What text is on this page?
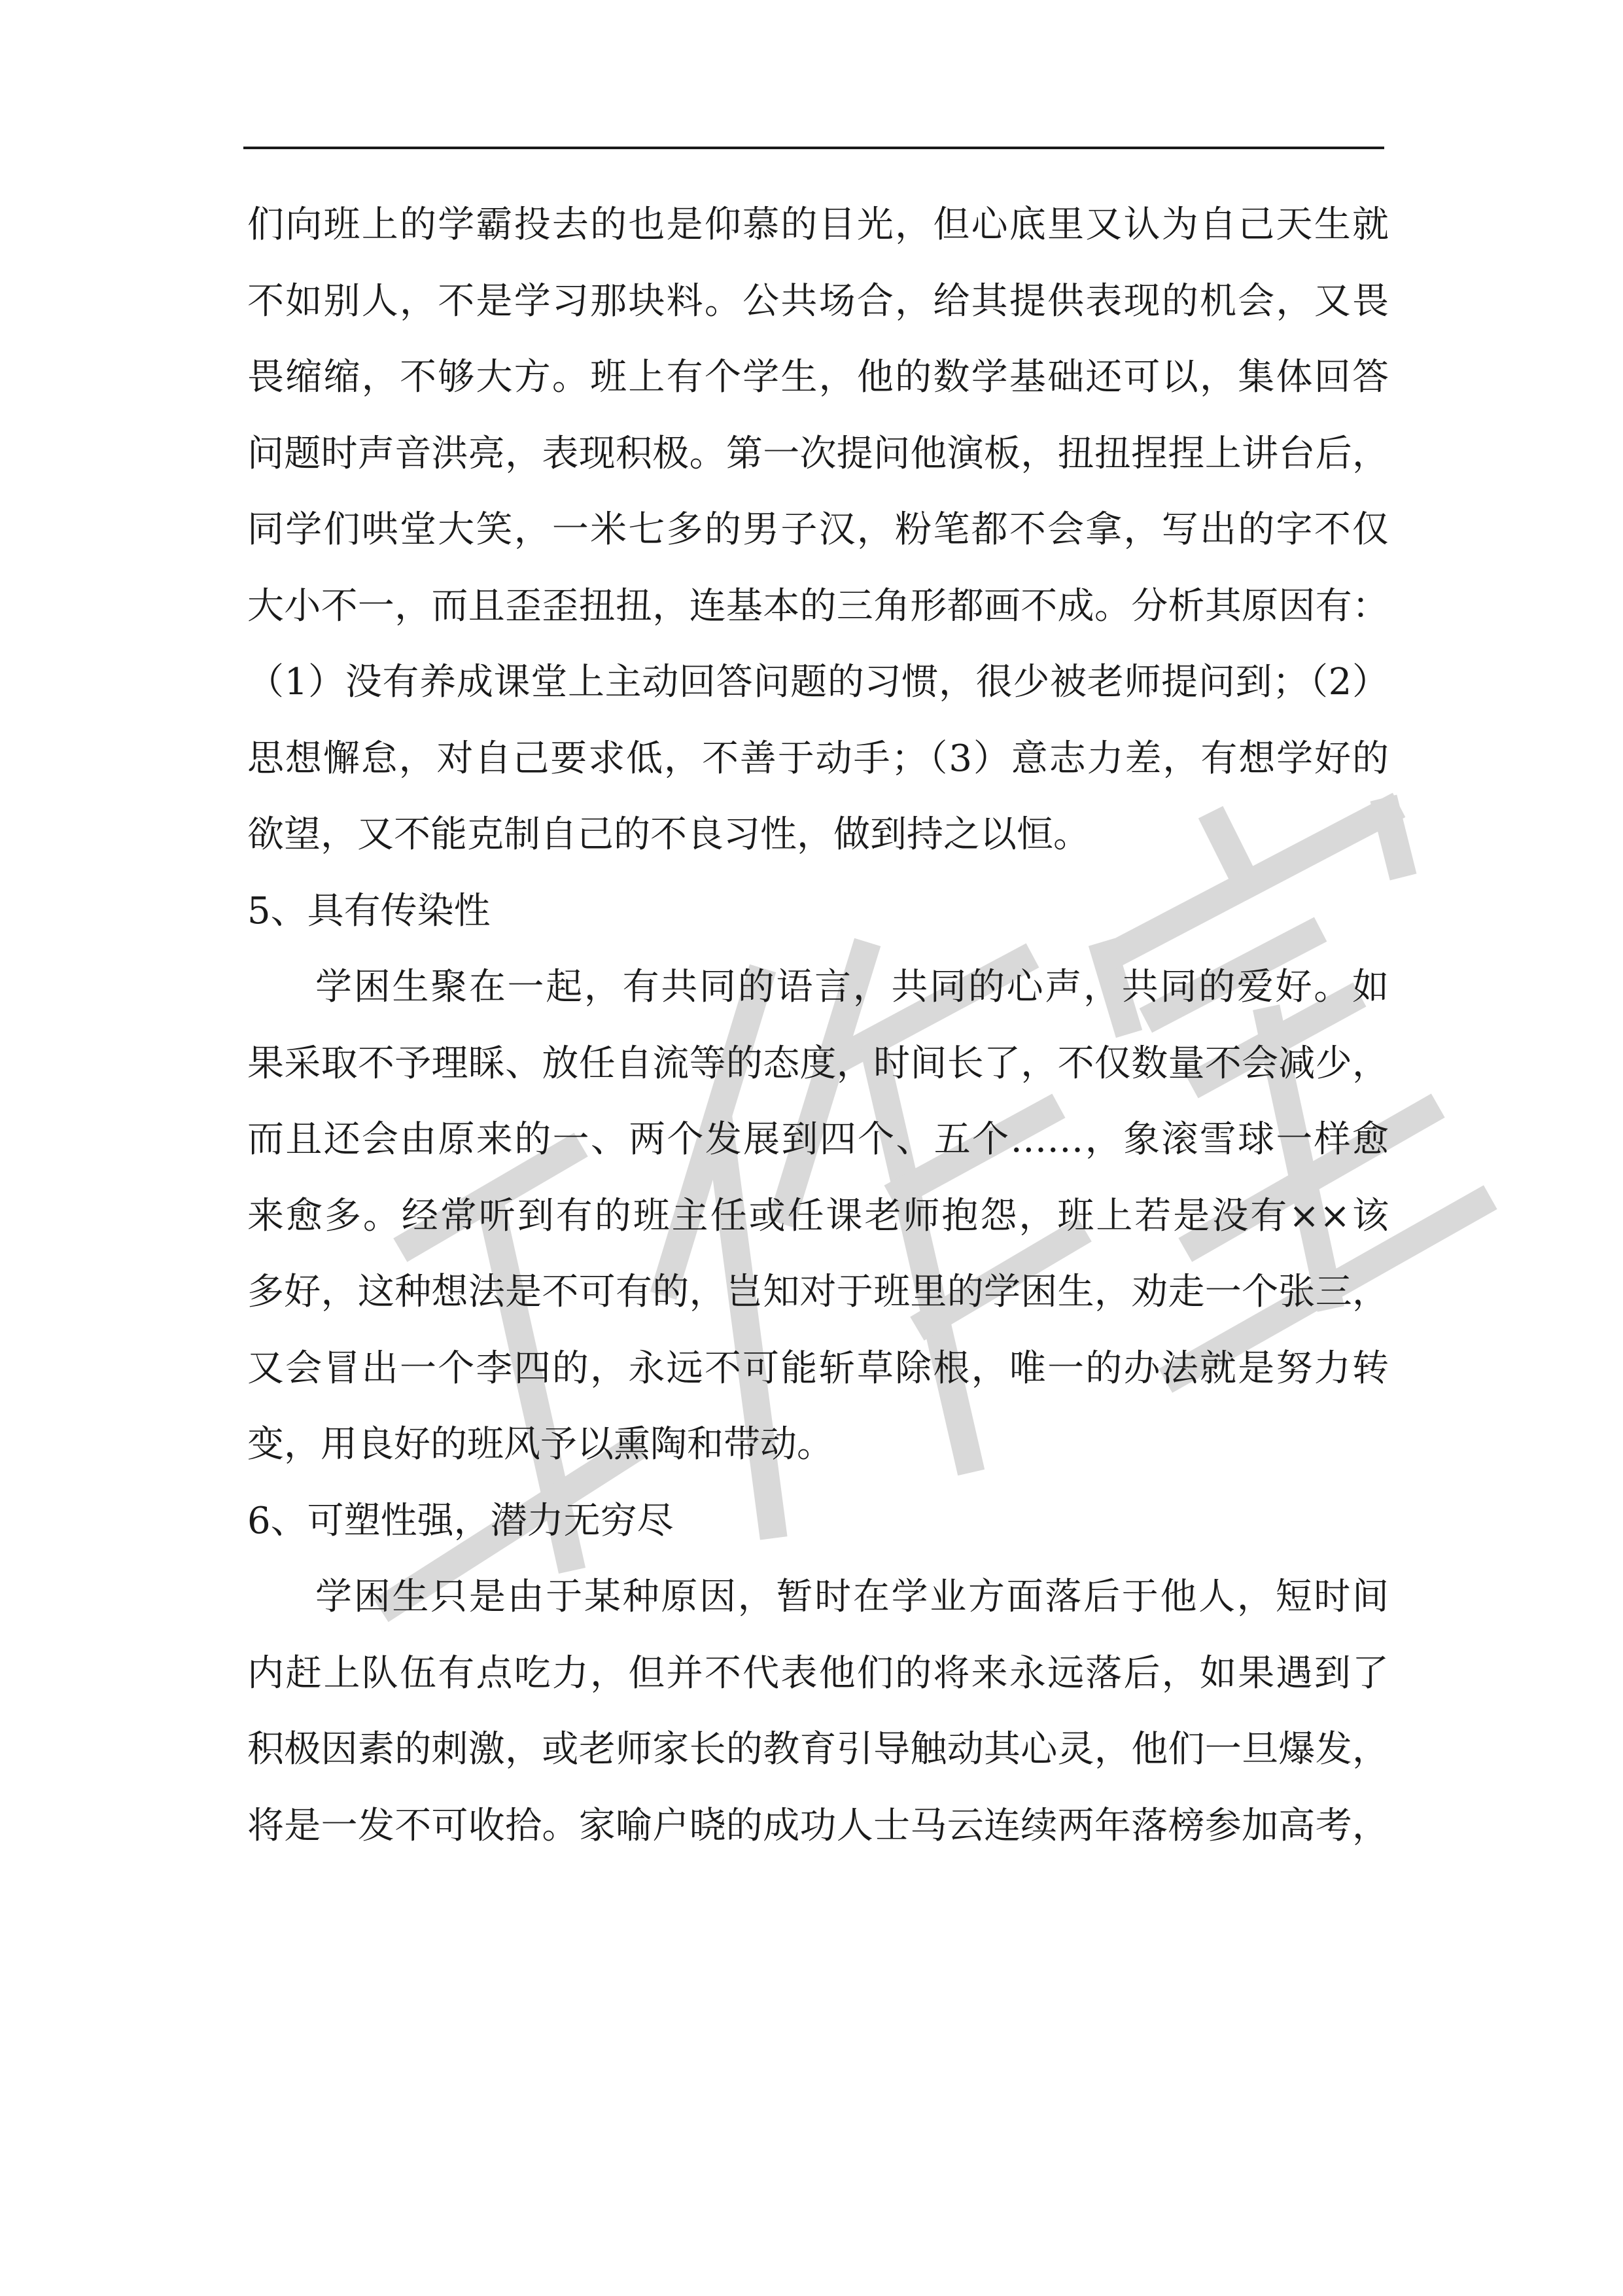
们向班上的学霸投去的也是仰慕的目光，但心底里又认为自己天生就
不如别人，不是学习那块料。公共场合，给其提供表现的机会，又畏
畏缩缩，不够大方。班上有个学生，他的数学基础还可以，集体回答
问题时声音洪亮，表现积极。第一次提问他演板，扭扭捏捏上讲台后，
同学们哄堂大笑，一米七多的男子汉，粉笔都不会拿，写出的字不仅
大小不一，而且歪歪扭扭，连基本的三角形都画不成。分析其原因有：
（1）没有养成课堂上主动回答问题的习惯，很少被老师提问到；（2）
思想懈怠，对自己要求低，不善于动手；（3）意志力差，有想学好的
欲望，又不能克制自己的不良习性，做到持之以恒。
5、具有传染性
学困生聚在一起，有共同的语言，共同的心声，共同的爱好。如
果采取不予理睬、放任自流等的态度，时间长了，不仅数量不会减少，
而且还会由原来的一、两个发展到四个、五个……，象滚雪球一样愈
来愈多。经常听到有的班主任或任课老师抱怨，班上若是没有××该
多好，这种想法是不可有的，岂知对于班里的学困生，劝走一个张三，
又会冒出一个李四的，永远不可能斩草除根，唯一的办法就是努力转
变，用良好的班风予以熏陶和带动。
6、可塑性强，潜力无穷尽
学困生只是由于某种原因，暂时在学业方面落后于他人，短时间
内赶上队伍有点吃力，但并不代表他们的将来永远落后，如果遇到了
积极因素的刺激，或老师家长的教育引导触动其心灵，他们一旦爆发，
将是一发不可收拾。家喻户晓的成功人士马云连续两年落榜参加高考，
